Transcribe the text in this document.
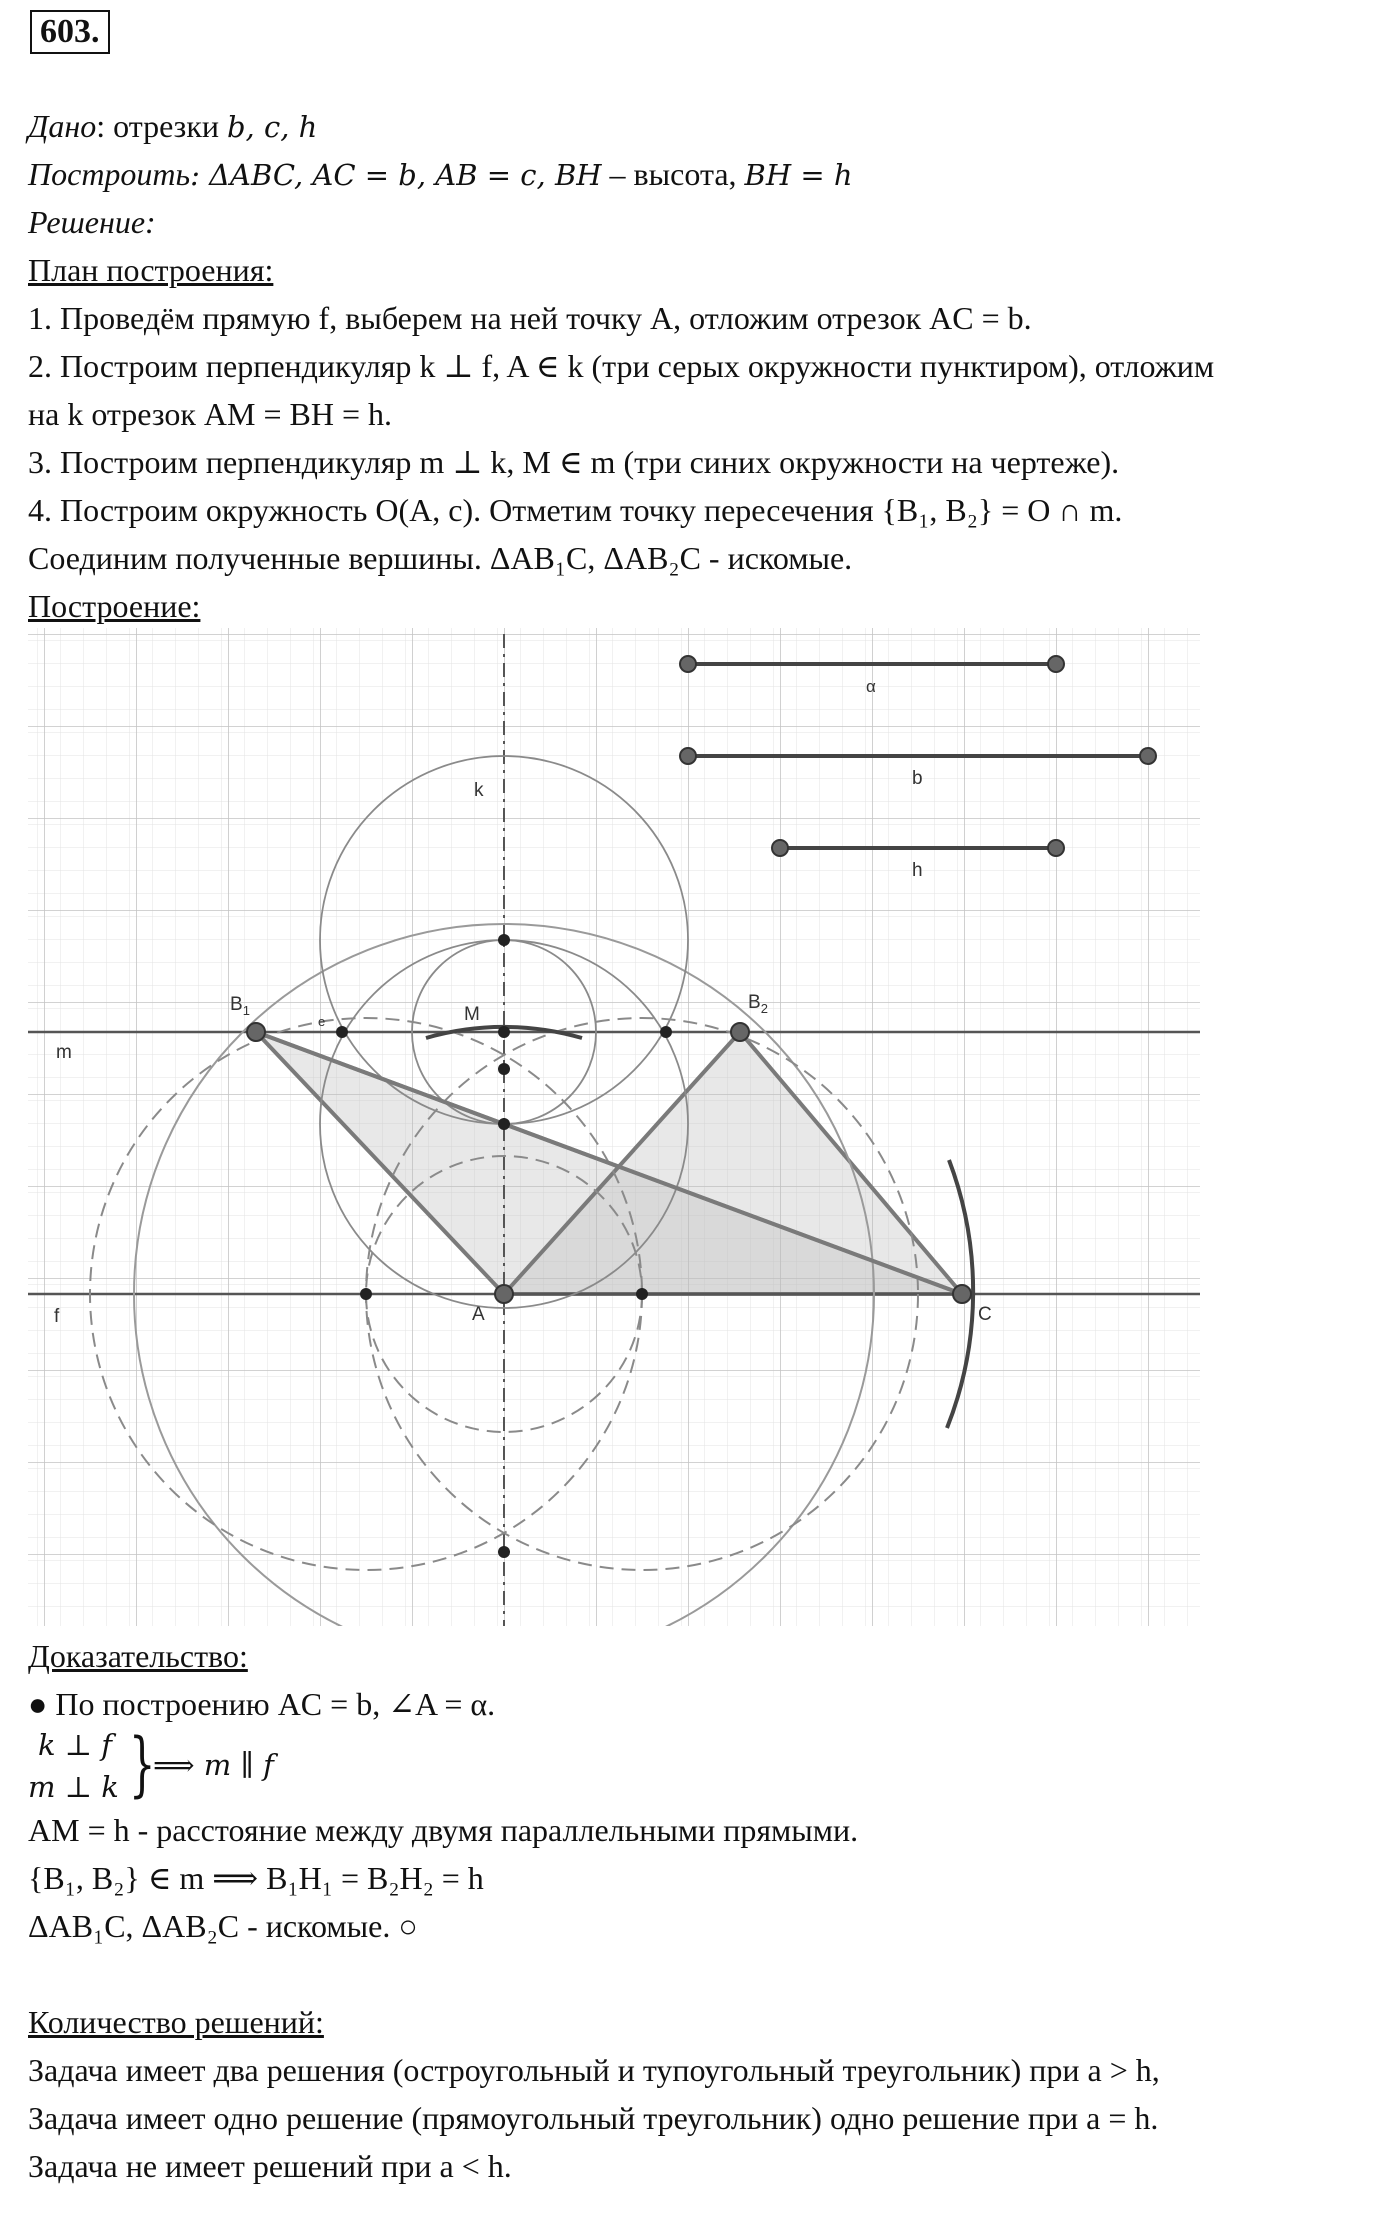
603.
Дано: отрезки b, c, h
Построить: ΔABC, AC = b, AB = c, BH – высота, BH = h
Решение:
План построения:
1. Проведём прямую f, выберем на ней точку A, отложим отрезок AC = b.
2. Построим перпендикуляр k ⊥ f, A ∈ k (три серых окружности пунктиром), отложим
на k отрезок AM = BH = h.
3. Построим перпендикуляр m ⊥ k, M ∈ m (три синих окружности на чертеже).
4. Построим окружность O(A, c). Отметим точку пересечения {B₁, B₂} = O ∩ m.
Соединим полученные вершины. ΔAB₁C, ΔAB₂C - искомые.
Построение:
k
m
f
M
A	C
$B_1$	$B_2$
e
α
b
h
Доказательство:
● По построению AC = b, ∠A = α.
k ⊥ f
m ⊥ k }
⟹ m ∥ f
AM = h - расстояние между двумя параллельными прямыми.
{B₁, B₂} ∈ m ⟹ B₁H₁ = B₂H₂ = h
ΔAB₁C, ΔAB₂C - искомые. ○
Количество решений:
Задача имеет два решения (остроугольный и тупоугольный треугольник) при a > h,
Задача имеет одно решение (прямоугольный треугольник) одно решение при a = h.
Задача не имеет решений при a < h.
